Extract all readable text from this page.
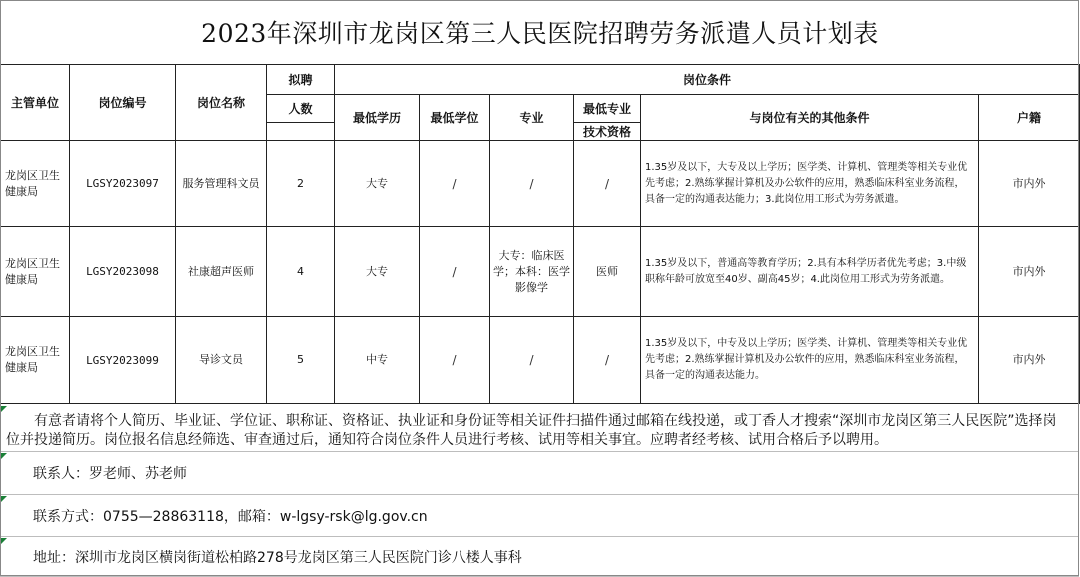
2023年深圳市龙岗区第三人民医院招聘劳务派遣人员计划表
主管单位	岗位编号	岗位名称	拟聘	岗位条件					
			人数	最低学历	最低学位	专业	最低专业	与岗位有关的其他条件	户籍
							技术资格		
龙岗区卫生健康局	LGSY2023097	服务管理科文员	2	大专	/	/	/	1.35岁及以下，大专及以上学历；医学类、计算机、管理类等相关专业优先考虑；2.熟练掌握计算机及办公软件的应用，熟悉临床科室业务流程，具备一定的沟通表达能力；3.此岗位用工形式为劳务派遣。	市内外
龙岗区卫生健康局	LGSY2023098	社康超声医师	4	大专	/	大专：临床医学；本科：医学影像学	医师	1.35岁及以下，普通高等教育学历；2.具有本科学历者优先考虑；3.中级职称年龄可放宽至40岁、副高45岁；4.此岗位用工形式为劳务派遣。	市内外
龙岗区卫生健康局	LGSY2023099	导诊文员	5	中专	/	/	/	1.35岁及以下，中专及以上学历；医学类、计算机、管理类等相关专业优先考虑；2.熟练掌握计算机及办公软件的应用，熟悉临床科室业务流程，具备一定的沟通表达能力。	市内外
有意者请将个人简历、毕业证、学位证、职称证、资格证、执业证和身份证等相关证件扫描件通过邮箱在线投递，或丁香人才搜索“深圳市龙岗区第三人民医院”选择岗位并投递简历。岗位报名信息经筛选、审查通过后，通知符合岗位条件人员进行考核、试用等相关事宜。应聘者经考核、试用合格后予以聘用。
联系人：罗老师、苏老师
联系方式：0755—28863118，邮箱：w-lgsy-rsk@lg.gov.cn
地址：深圳市龙岗区横岗街道松柏路278号龙岗区第三人民医院门诊八楼人事科
